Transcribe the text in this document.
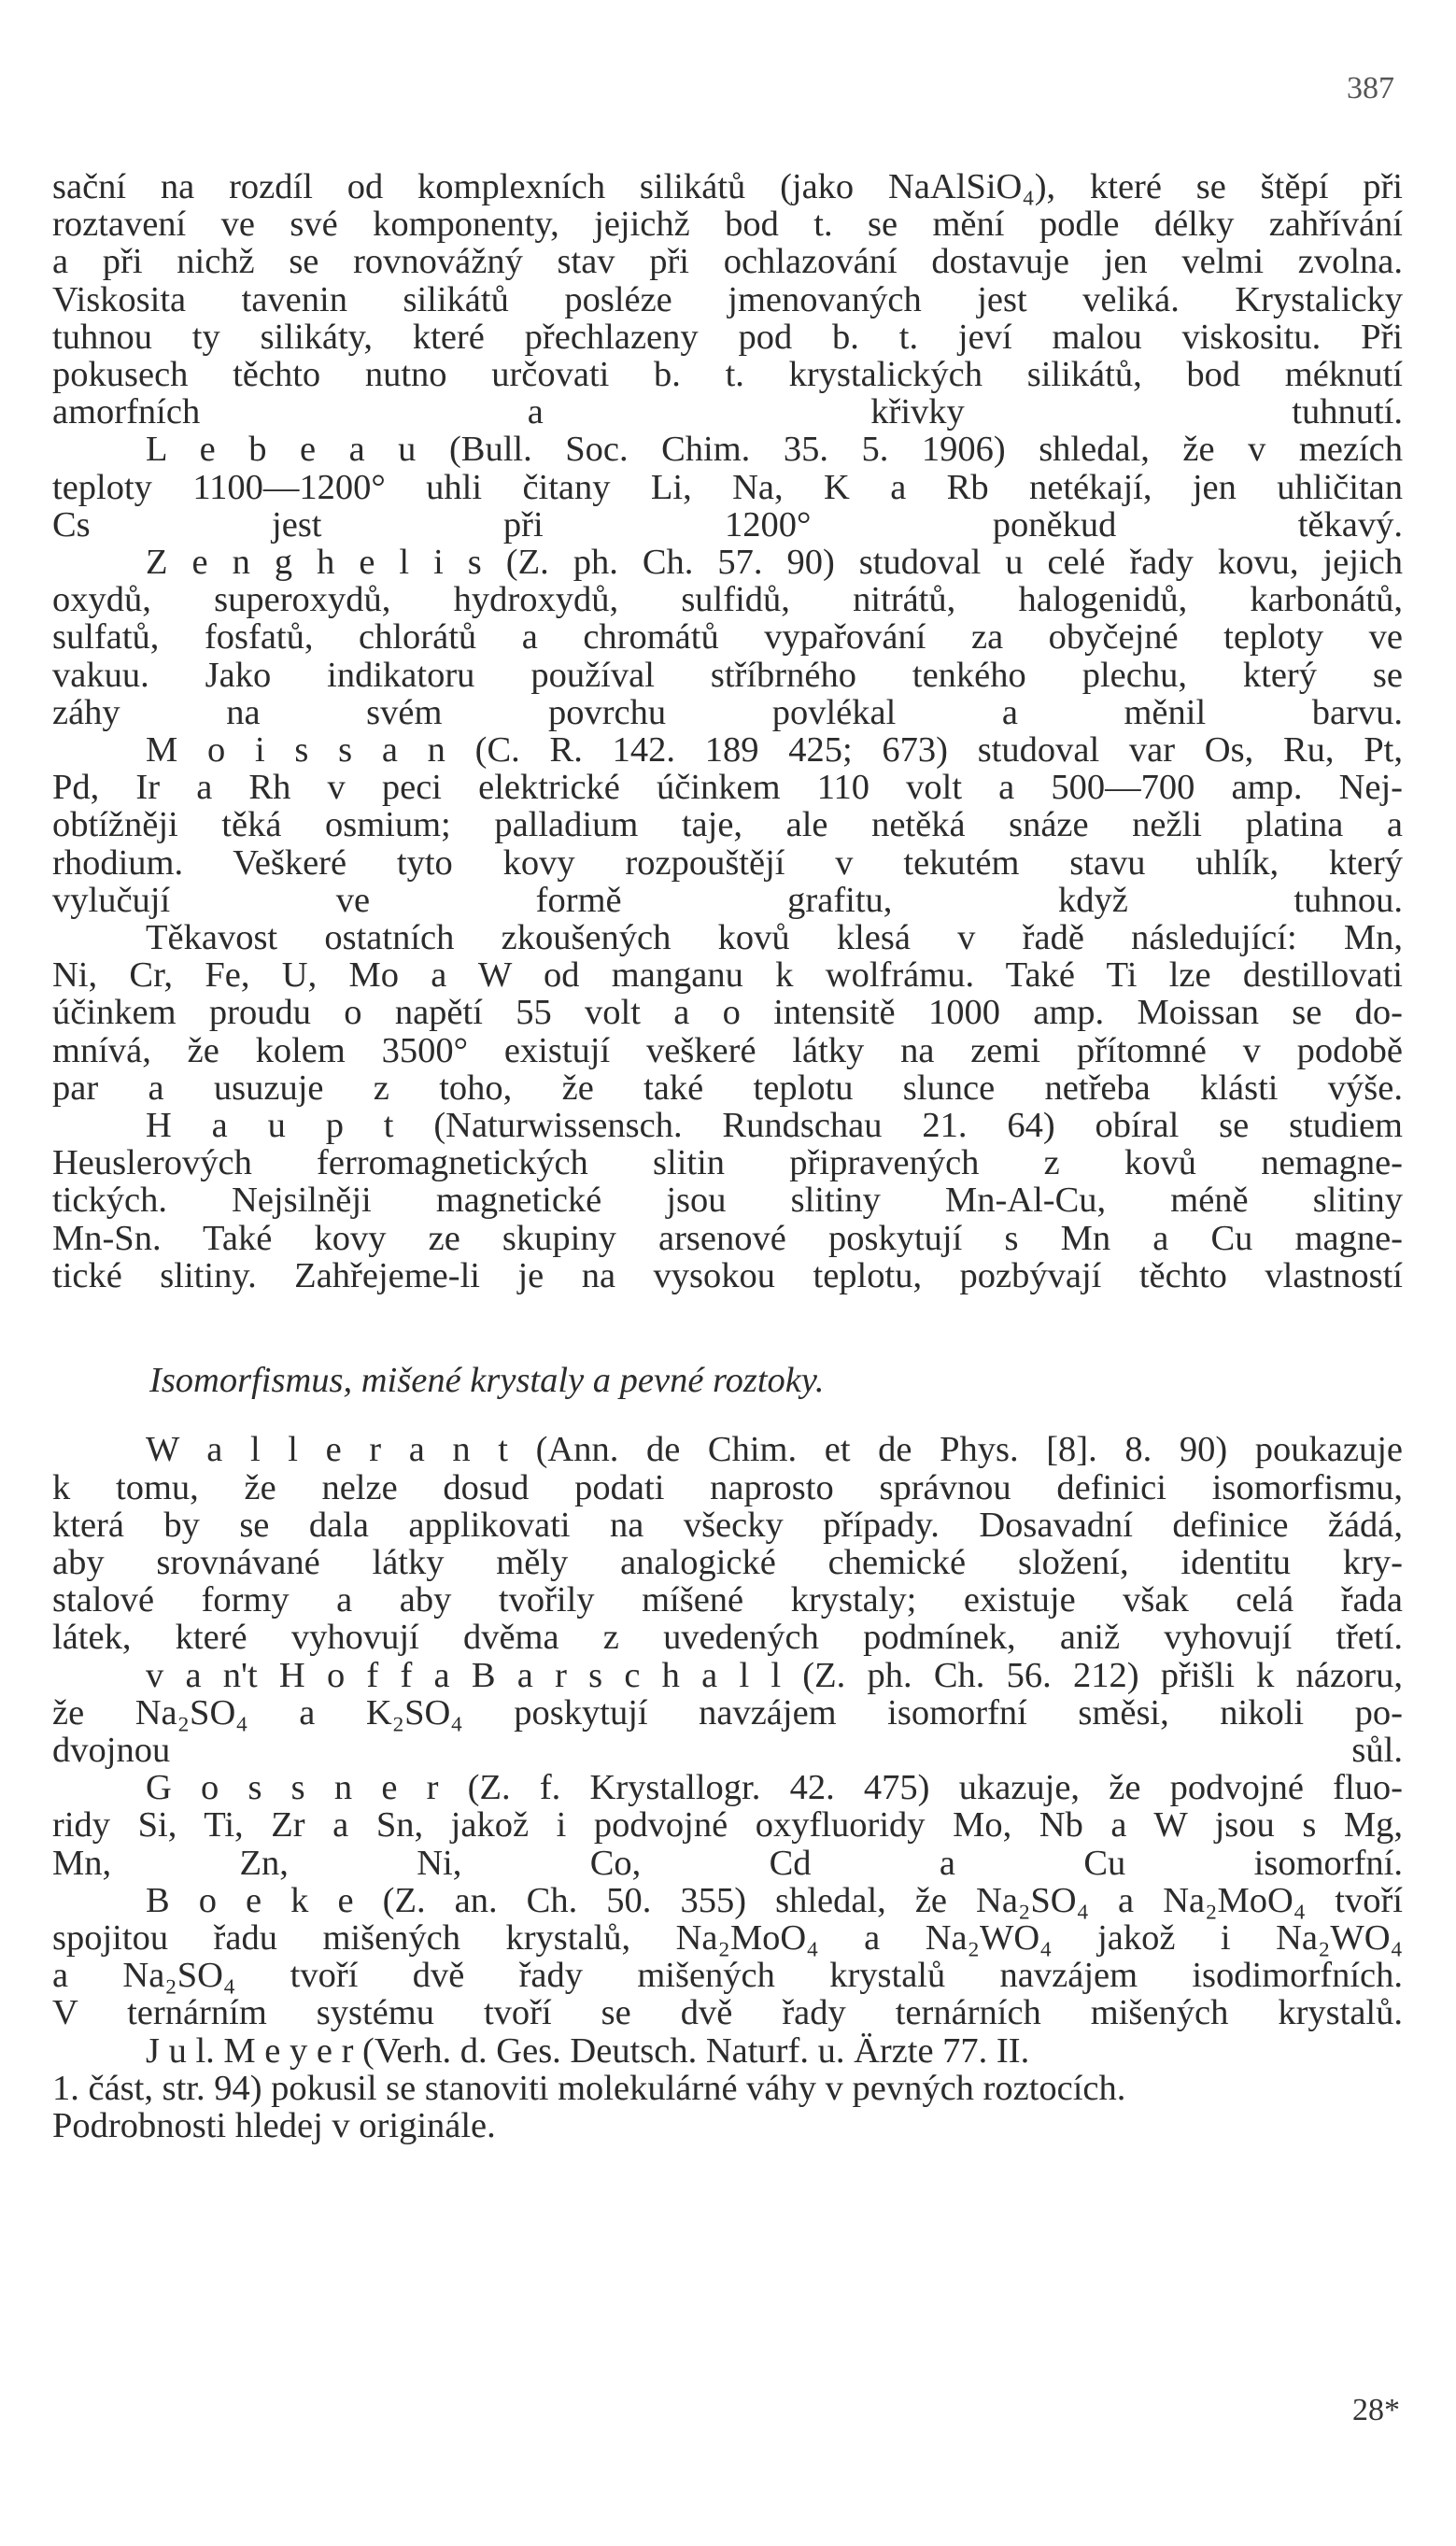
387

sační na rozdíl od komplexních silikátů (jako NaAlSiO₄), které se štěpí při
roztavení ve své komponenty, jejichž bod t. se mění podle délky zahřívání
a při nichž se rovnovážný stav při ochlazování dostavuje jen velmi zvolna.
Viskosita tavenin silikátů posléze jmenovaných jest veliká. Krystalicky
tuhnou ty silikáty, které přechlazeny pod b. t. jeví malou viskositu. Při
pokusech těchto nutno určovati b. t. krystalických silikátů, bod méknutí
amorfních a křivky tuhnutí.

L e b e a u (Bull. Soc. Chim. 35. 5. 1906) shledal, že v mezích
teploty 1100—1200° uhli čitany Li, Na, K a Rb netékají, jen uhličitan
Cs jest při 1200° poněkud těkavý.

Z e n g h e l i s (Z. ph. Ch. 57. 90) studoval u celé řady kovu, jejich
oxydů, superoxydů, hydroxydů, sulfidů, nitrátů, halogenidů, karbonátů,
sulfatů, fosfatů, chlorátů a chromátů vypařování za obyčejné teploty ve
vakuu. Jako indikatoru používal stříbrného tenkého plechu, který se
záhy na svém povrchu povlékal a měnil barvu.

M o i s s a n (C. R. 142. 189 425; 673) studoval var Os, Ru, Pt,
Pd, Ir a Rh v peci elektrické účinkem 110 volt a 500—700 amp. Nej-
obtížněji těká osmium; palladium taje, ale netěká snáze nežli platina a
rhodium. Veškeré tyto kovy rozpouštějí v tekutém stavu uhlík, který
vylučují ve formě grafitu, když tuhnou.

Těkavost ostatních zkoušených kovů klesá v řadě následující: Mn,
Ni, Cr, Fe, U, Mo a W od manganu k wolfrámu. Také Ti lze destillovati
účinkem proudu o napětí 55 volt a o intensitě 1000 amp. Moissan se do-
mnívá, že kolem 3500° existují veškeré látky na zemi přítomné v podobě
par a usuzuje z toho, že také teplotu slunce netřeba klásti výše.

H a u p t (Naturwissensch. Rundschau 21. 64) obíral se studiem
Heuslerových ferromagnetických slitin připravených z kovů nemagne-
tických. Nejsilněji magnetické jsou slitiny Mn-Al-Cu, méně slitiny
Mn-Sn. Také kovy ze skupiny arsenové poskytují s Mn a Cu magne-
tické slitiny. Zahřejeme-li je na vysokou teplotu, pozbývají těchto vlastností

Isomorfismus, mišené krystaly a pevné roztoky.

W a l l e r a n t (Ann. de Chim. et de Phys. [8]. 8. 90) poukazuje
k tomu, že nelze dosud podati naprosto správnou definici isomorfismu,
která by se dala applikovati na všecky případy. Dosavadní definice žádá,
aby srovnávané látky měly analogické chemické složení, identitu kry-
stalové formy a aby tvořily míšené krystaly; existuje však celá řada
látek, které vyhovují dvěma z uvedených podmínek, aniž vyhovují třetí.

v a n't H o f f a B a r s c h a l l (Z. ph. Ch. 56. 212) přišli k názoru,
že Na₂SO₄ a K₂SO₄ poskytují navzájem isomorfní směsi, nikoli po-
dvojnou sůl.

G o s s n e r (Z. f. Krystallogr. 42. 475) ukazuje, že podvojné fluo-
ridy Si, Ti, Zr a Sn, jakož i podvojné oxyfluoridy Mo, Nb a W jsou s Mg,
Mn, Zn, Ni, Co, Cd a Cu isomorfní.

B o e k e (Z. an. Ch. 50. 355) shledal, že Na₂SO₄ a Na₂MoO₄ tvoří
spojitou řadu mišených krystalů, Na₂MoO₄ a Na₂WO₄ jakož i Na₂WO₄
a Na₂SO₄ tvoří dvě řady mišených krystalů navzájem isodimorfních.
V ternárním systému tvoří se dvě řady ternárních mišených krystalů.

J u l. M e y e r (Verh. d. Ges. Deutsch. Naturf. u. Ärzte 77. II.
1. část, str. 94) pokusil se stanoviti molekulárné váhy v pevných roztocích.
Podrobnosti hledej v originále.

28*
